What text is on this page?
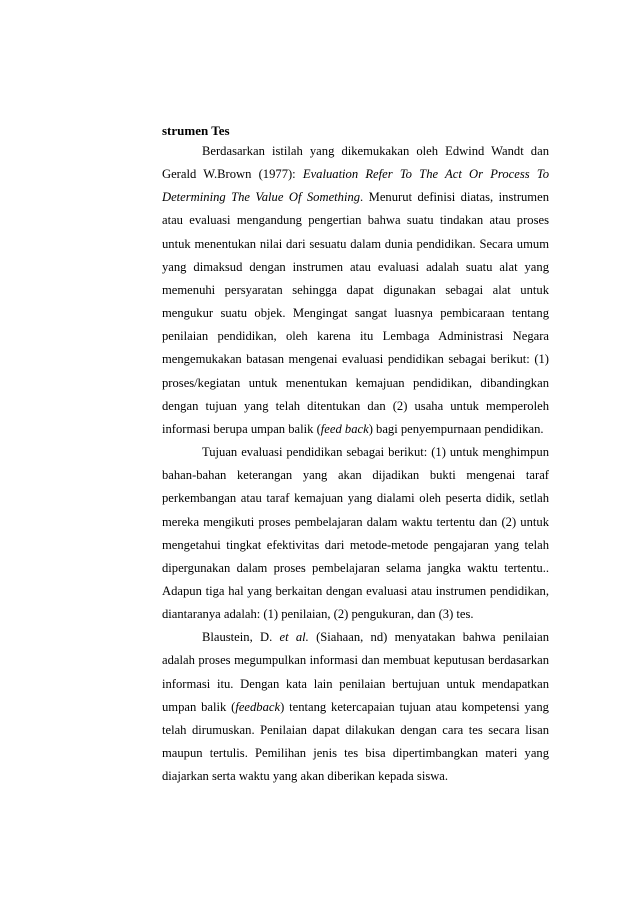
strumen Tes

Berdasarkan istilah yang dikemukakan oleh Edwind Wandt dan Gerald W.Brown (1977): Evaluation Refer To The Act Or Process To Determining The Value Of Something. Menurut definisi diatas, instrumen atau evaluasi mengandung pengertian bahwa suatu tindakan atau proses untuk menentukan nilai dari sesuatu dalam dunia pendidikan. Secara umum yang dimaksud dengan instrumen atau evaluasi adalah suatu alat yang memenuhi persyaratan sehingga dapat digunakan sebagai alat untuk mengukur suatu objek. Mengingat sangat luasnya pembicaraan tentang penilaian pendidikan, oleh karena itu Lembaga Administrasi Negara mengemukakan batasan mengenai evaluasi pendidikan sebagai berikut: (1) proses/kegiatan untuk menentukan kemajuan pendidikan, dibandingkan dengan tujuan yang telah ditentukan dan (2) usaha untuk memperoleh informasi berupa umpan balik (feed back) bagi penyempurnaan pendidikan.

Tujuan evaluasi pendidikan sebagai berikut: (1) untuk menghimpun bahan-bahan keterangan yang akan dijadikan bukti mengenai taraf perkembangan atau taraf kemajuan yang dialami oleh peserta didik, setlah mereka mengikuti proses pembelajaran dalam waktu tertentu dan (2) untuk mengetahui tingkat efektivitas dari metode-metode pengajaran yang telah dipergunakan dalam proses pembelajaran selama jangka waktu tertentu.. Adapun tiga hal yang berkaitan dengan evaluasi atau instrumen pendidikan, diantaranya adalah: (1) penilaian, (2) pengukuran, dan (3) tes.

Blaustein, D. et al. (Siahaan, nd) menyatakan bahwa penilaian adalah proses megumpulkan informasi dan membuat keputusan berdasarkan informasi itu. Dengan kata lain penilaian bertujuan untuk mendapatkan umpan balik (feedback) tentang ketercapaian tujuan atau kompetensi yang telah dirumuskan. Penilaian dapat dilakukan dengan cara tes secara lisan maupun tertulis. Pemilihan jenis tes bisa dipertimbangkan materi yang diajarkan serta waktu yang akan diberikan kepada siswa.
